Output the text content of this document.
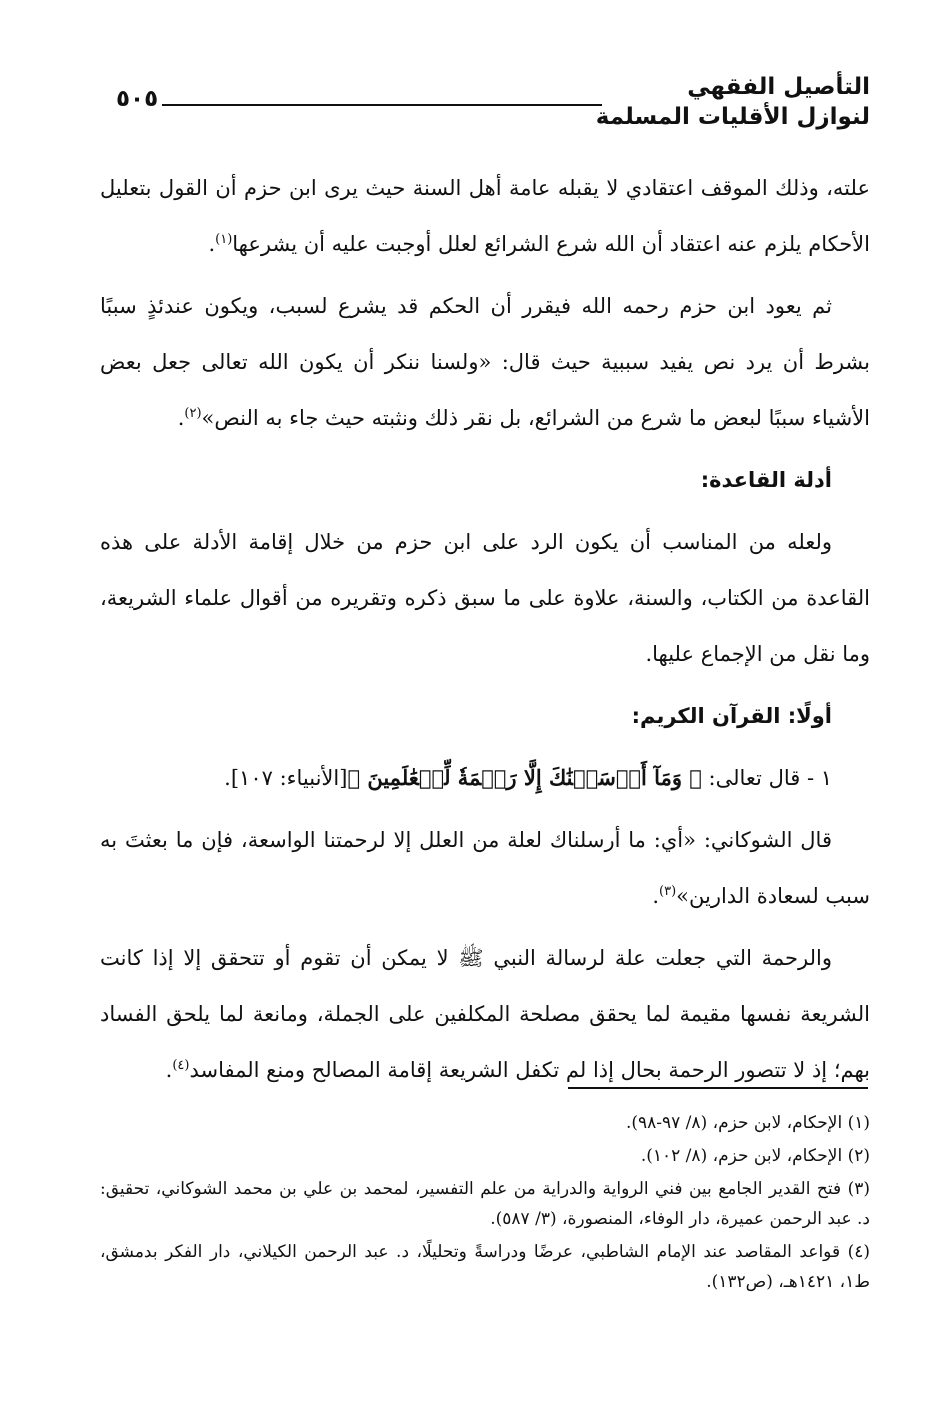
التأصيل الفقهي
لنوازل الأقليات المسلمة
٥٠٥

علته، وذلك الموقف اعتقادي لا يقبله عامة أهل السنة حيث يرى ابن حزم أن القول بتعليل الأحكام يلزم عنه اعتقاد أن الله شرع الشرائع لعلل أوجبت عليه أن يشرعها$^{(١)}$.

ثم يعود ابن حزم رحمه الله فيقرر أن الحكم قد يشرع لسبب، ويكون عندئذٍ سببًا بشرط أن يرد نص يفيد سببية حيث قال: «ولسنا ننكر أن يكون الله تعالى جعل بعض الأشياء سببًا لبعض ما شرع من الشرائع، بل نقر ذلك ونثبته حيث جاء به النص»$^{(٢)}$.

أدلة القاعدة:

ولعله من المناسب أن يكون الرد على ابن حزم من خلال إقامة الأدلة على هذه القاعدة من الكتاب، والسنة، علاوة على ما سبق ذكره وتقريره من أقوال علماء الشريعة، وما نقل من الإجماع عليها.

أولًا: القرآن الكريم:

١ - قال تعالى: ﴿ وَمَآ أَرۡسَلۡنَٰكَ إِلَّا رَحۡمَةٗ لِّلۡعَٰلَمِينَ ﴾[الأنبياء: ١٠٧].

قال الشوكاني: «أي: ما أرسلناك لعلة من العلل إلا لرحمتنا الواسعة، فإن ما بعثتَ به سبب لسعادة الدارين»$^{(٣)}$.

والرحمة التي جعلت علة لرسالة النبي ﷺ لا يمكن أن تقوم أو تتحقق إلا إذا كانت الشريعة نفسها مقيمة لما يحقق مصلحة المكلفين على الجملة، ومانعة لما يلحق الفساد بهم؛ إذ لا تتصور الرحمة بحال إذا لم تكفل الشريعة إقامة المصالح ومنع المفاسد$^{(٤)}$.

(١) الإحكام، لابن حزم، (٨/ ٩٧-٩٨).

(٢) الإحكام، لابن حزم، (٨/ ١٠٢).

(٣) فتح القدير الجامع بين فني الرواية والدراية من علم التفسير، لمحمد بن علي بن محمد الشوكاني، تحقيق: د. عبد الرحمن عميرة، دار الوفاء، المنصورة، (٣/ ٥٨٧).

(٤) قواعد المقاصد عند الإمام الشاطبي، عرضًا ودراسةً وتحليلًا، د. عبد الرحمن الكيلاني، دار الفكر بدمشق، ط١، ١٤٢١هـ، (ص١٣٢).
